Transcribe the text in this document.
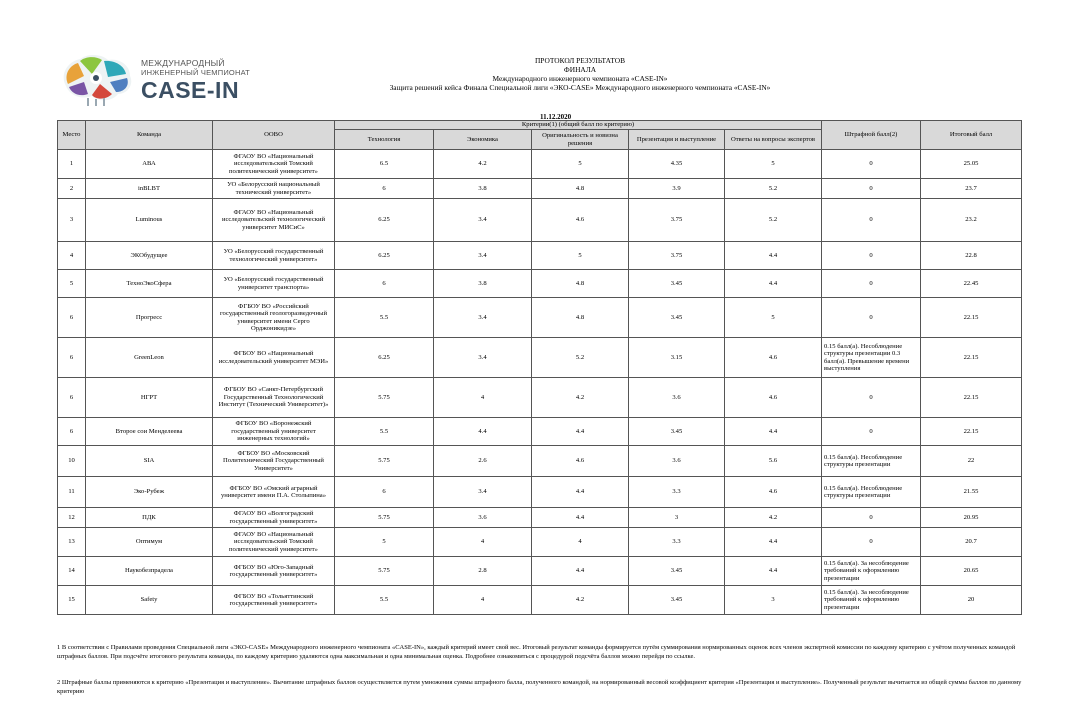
МЕЖДУНАРОДНЫЙ
ИНЖЕНЕРНЫЙ ЧЕМПИОНАТ
CASE-IN
ПРОТОКОЛ РЕЗУЛЬТАТОВ
ФИНАЛА
Международного инженерного чемпионата «CASE-IN»
Защита решений кейса Финала Специальной лиги «ЭКО-CASE» Международного инженерного чемпионата «CASE-IN»
11.12.2020
Место	Команда	ООВО	Критерии(1) (общий балл по критерию)					Штрафной балл(2)	Итоговый балл
			Технология	Экономика	Оригинальность и новизна решения	Презентация и выступление	Ответы на вопросы экспертов		
1	АВА	ФГАОУ ВО «Национальный исследовательский Томский политехнический университет»	6.5	4.2	5	4.35	5	0	25.05
2	inBLBT	УО «Белорусский национальный технический университет»	6	3.8	4.8	3.9	5.2	0	23.7
3	Luminous	ФГАОУ ВО «Национальный исследовательский технологический университет МИСиС»	6.25	3.4	4.6	3.75	5.2	0	23.2
4	ЭКОбудущее	УО «Белорусский государственный технологический университет»	6.25	3.4	5	3.75	4.4	0	22.8
5	ТехноЭкоСфера	УО «Белорусский государственный университет транспорта»	6	3.8	4.8	3.45	4.4	0	22.45
6	Прогресс	ФГБОУ ВО «Российский государственный геологоразведочный университет имени Серго Орджоникидзе»	5.5	3.4	4.8	3.45	5	0	22.15
6	GreenLeon	ФГБОУ ВО «Национальный исследовательский университет МЭИ»	6.25	3.4	5.2	3.15	4.6	0.15 балл(а). Несоблюдение структуры презентации 0.3 балл(а). Превышение времени выступления	22.15
6	НГРТ	ФГБОУ ВО «Санкт-Петербургский Государственный Технологический Институт (Технический Университет)»	5.75	4	4.2	3.6	4.6	0	22.15
6	Второе сои Менделеева	ФГБОУ ВО «Воронежский государственный университет инженерных технологий»	5.5	4.4	4.4	3.45	4.4	0	22.15
10	SIA	ФГБОУ ВО «Московский Политехнический Государственный Университет»	5.75	2.6	4.6	3.6	5.6	0.15 балл(а). Несоблюдение структуры презентации	22
11	Эко-Рубеж	ФГБОУ ВО «Омский аграрный университет имени П.А. Столыпина»	6	3.4	4.4	3.3	4.6	0.15 балл(а). Несоблюдение структуры презентации	21.55
12	ПДК	ФГАОУ ВО «Волгоградский государственный университет»	5.75	3.6	4.4	3	4.2	0	20.95
13	Оптимум	ФГАОУ ВО «Национальный исследовательский Томский политехнический университет»	5	4	4	3.3	4.4	0	20.7
14	Наукобезпрадела	ФГБОУ ВО «Юго-Западный государственный университет»	5.75	2.8	4.4	3.45	4.4	0.15 балл(а). За несоблюдение требований к оформлению презентации	20.65
15	Safety	ФГБОУ ВО «Тольяттинский государственный университет»	5.5	4	4.2	3.45	3	0.15 балл(а). За несоблюдение требований к оформлению презентации	20

1 В соответствии с Правилами проведения Специальной лиги «ЭКО-CASE» Международного инженерного чемпионата «CASE-IN», каждый критерий имеет свой вес. Итоговый результат команды формируется путём суммирования нормированных оценок всех членов экспертной комиссии по каждому критерию с учётом полученных командой штрафных баллов. При подсчёте итогового результата команды, по каждому критерию удаляются одна максимальная и одна минимальная оценка. Подробнее ознакомиться с процедурой подсчёта баллов можно перейдя по ссылке.

2 Штрафные баллы применяются к критерию «Презентация и выступление». Вычитание штрафных баллов осуществляется путем умножения суммы штрафного балла, полученного командой, на нормированный весовой коэффициент критерия «Презентация и выступление». Полученный результат вычитается из общей суммы баллов по данному критерию
